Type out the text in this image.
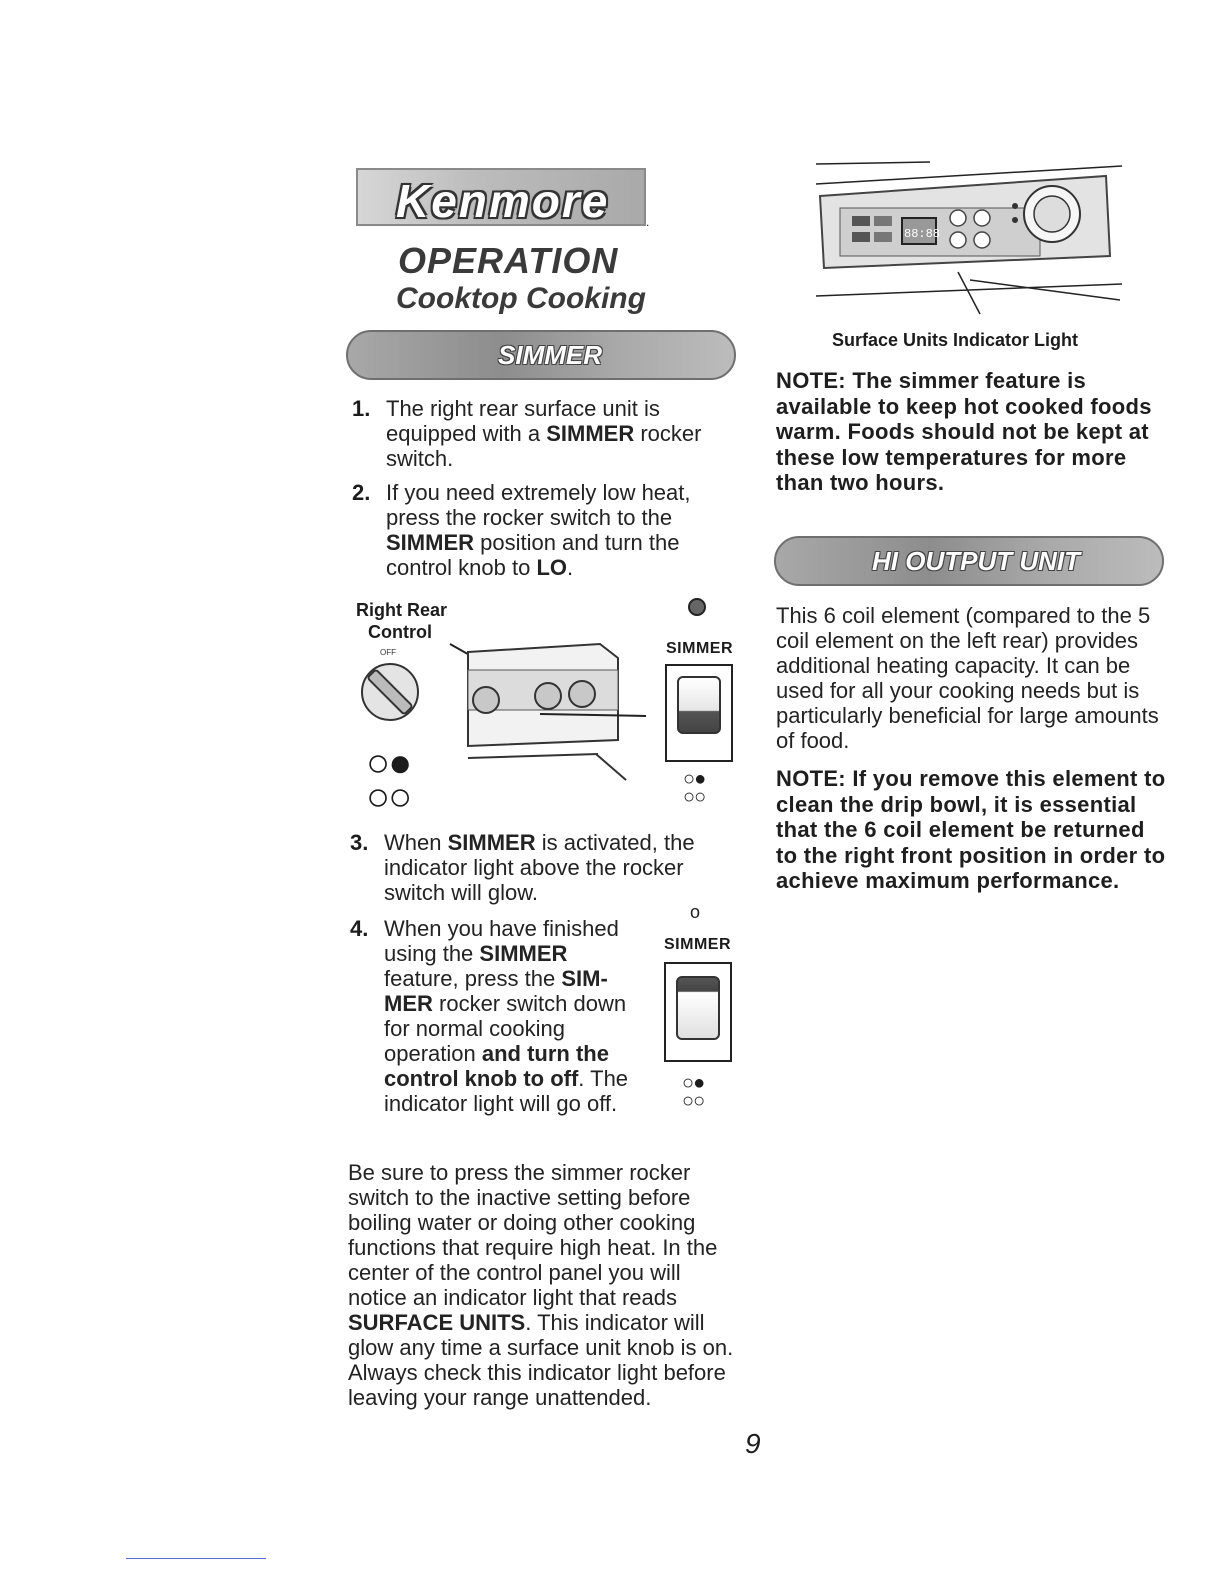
Kenmore	.
OPERATION
Cooktop Cooking
SIMMER
1. The right rear surface unit is equipped with a SIMMER rocker switch.
2. If you need extremely low heat, press the rocker switch to the SIMMER position and turn the control knob to LO.
Right Rear
Control
OFF
○●
○○
SIMMER
○●
○○
3. When SIMMER is activated, the indicator light above the rocker switch will glow.
4. When you have finished using the SIMMER feature, press the SIM-MER rocker switch down for normal cooking operation and turn the control knob to off. The indicator light will go off.
o
SIMMER
○●
○○
Be sure to press the simmer rocker switch to the inactive setting before boiling water or doing other cooking functions that require high heat. In the center of the control panel you will notice an indicator light that reads SURFACE UNITS. This indicator will glow any time a surface unit knob is on. Always check this indicator light before leaving your range unattended.
9
88:88
Surface Units Indicator Light
NOTE: The simmer feature is available to keep hot cooked foods warm. Foods should not be kept at these low temperatures for more than two hours.
HI OUTPUT UNIT
This 6 coil element (compared to the 5 coil element on the left rear) provides additional heating capacity. It can be used for all your cooking needs but is particularly beneficial for large amounts of food.
NOTE: If you remove this element to clean the drip bowl, it is essential that the 6 coil element be returned to the right front position in order to achieve maximum performance.
